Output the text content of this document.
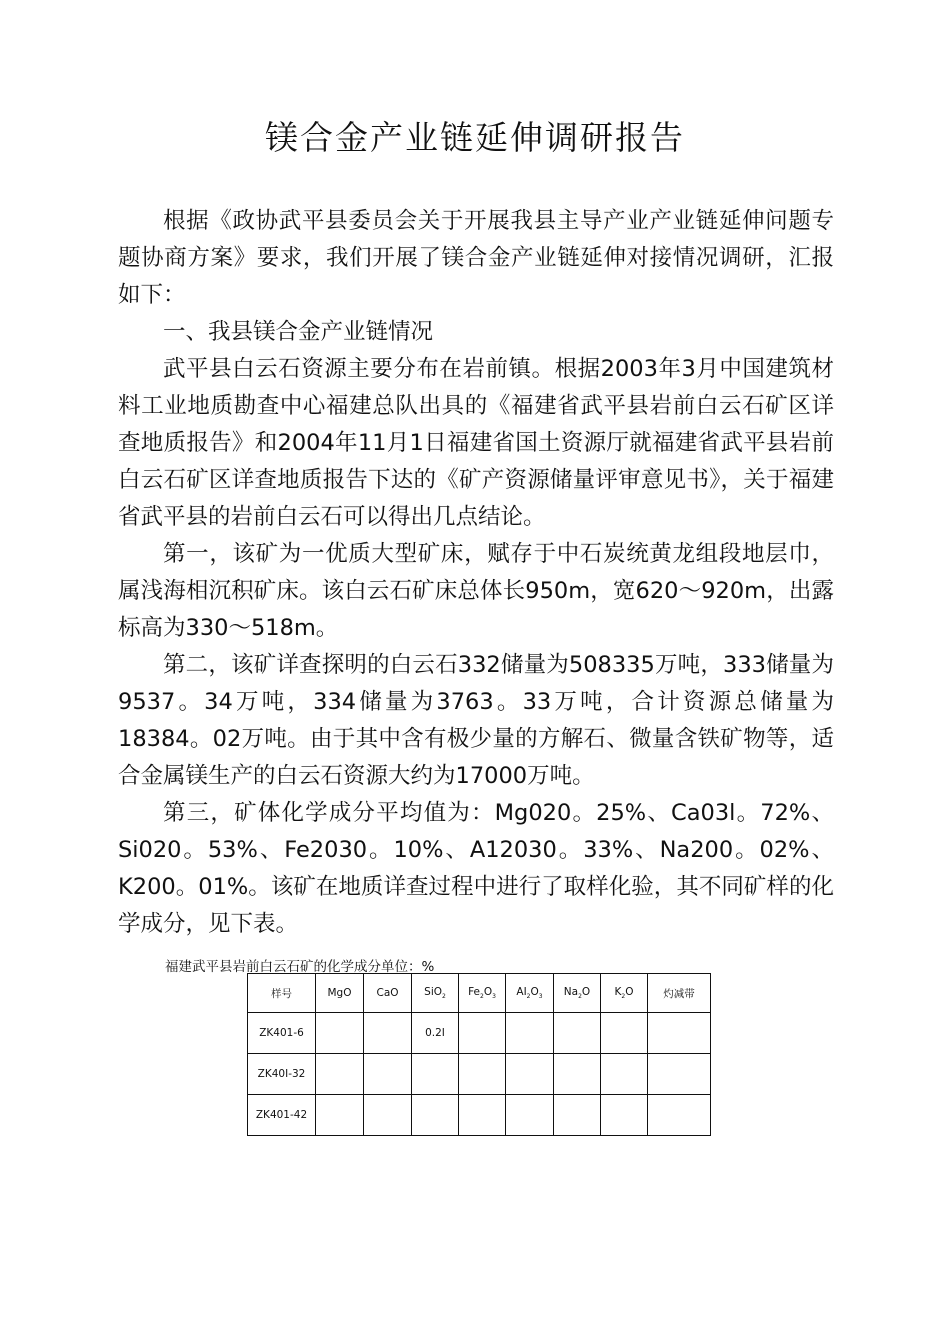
镁合金产业链延伸调研报告

根据《政协武平县委员会关于开展我县主导产业产业链延伸问题专题协商方案》要求，我们开展了镁合金产业链延伸对接情况调研，汇报如下：

一、我县镁合金产业链情况

武平县白云石资源主要分布在岩前镇。根据2003年3月中国建筑材料工业地质勘查中心福建总队出具的《福建省武平县岩前白云石矿区详查地质报告》和2004年11月1日福建省国土资源厅就福建省武平县岩前白云石矿区详查地质报告下达的《矿产资源储量评审意见书》，关于福建省武平县的岩前白云石可以得出几点结论。

第一，该矿为一优质大型矿床，赋存于中石炭统黄龙组段地层巾，属浅海相沉积矿床。该白云石矿床总体长950m，宽620〜920m，出露标高为330〜518m。

第二，该矿详查探明的白云石332储量为508335万吨，333储量为9537。34万吨，334储量为3763。33万吨，合计资源总储量为18384。02万吨。由于其中含有极少量的方解石、微量含铁矿物等，适合金属镁生产的白云石资源大约为17000万吨。

第三，矿体化学成分平均值为：Mg020。25%、Ca03l。72%、Si020。53%、Fe2030。10%、A12030。33%、Na200。02%、K200。01%。该矿在地质详查过程中进行了取样化验，其不同矿样的化学成分，见下表。

福建武平县岩前白云石矿的化学成分单位：%
样号	MgO	CaO	SiO$_2$	$Fe_2O_3$	$AI_2O_3$	$Na_2O$	$K_2O$	灼减带
ZK401-6			0.2I					
ZK40I-32								
ZK401-42								
